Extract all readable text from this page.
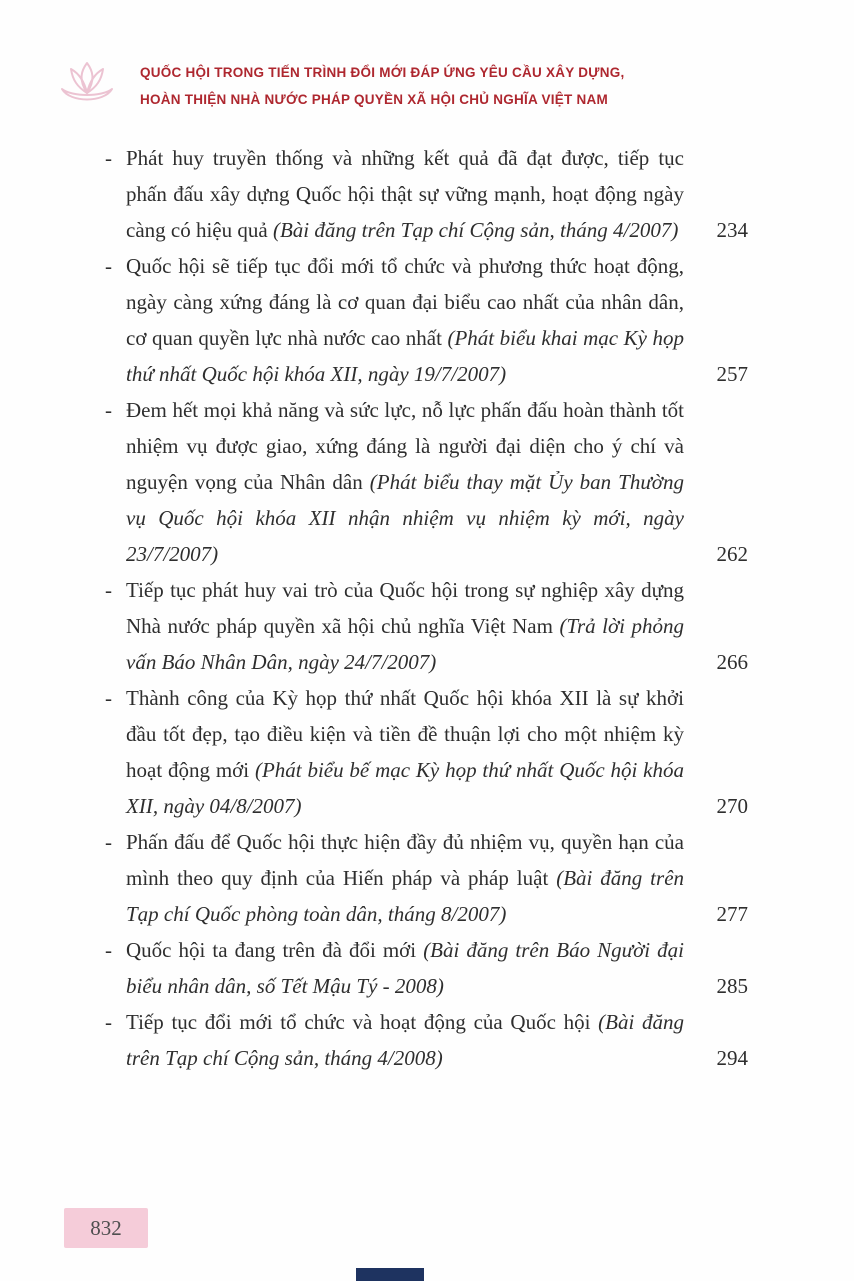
QUỐC HỘI TRONG TIẾN TRÌNH ĐỔI MỚI ĐÁP ỨNG YÊU CẦU XÂY DỰNG,
HOÀN THIỆN NHÀ NƯỚC PHÁP QUYỀN XÃ HỘI CHỦ NGHĨA VIỆT NAM
- Phát huy truyền thống và những kết quả đã đạt được, tiếp tục phấn đấu xây dựng Quốc hội thật sự vững mạnh, hoạt động ngày càng có hiệu quả (Bài đăng trên Tạp chí Cộng sản, tháng 4/2007) 234
- Quốc hội sẽ tiếp tục đổi mới tổ chức và phương thức hoạt động, ngày càng xứng đáng là cơ quan đại biểu cao nhất của nhân dân, cơ quan quyền lực nhà nước cao nhất (Phát biểu khai mạc Kỳ họp thứ nhất Quốc hội khóa XII, ngày 19/7/2007)	257
- Đem hết mọi khả năng và sức lực, nỗ lực phấn đấu hoàn thành tốt nhiệm vụ được giao, xứng đáng là người đại diện cho ý chí và nguyện vọng của Nhân dân (Phát biểu thay mặt Ủy ban Thường vụ Quốc hội khóa XII nhận nhiệm vụ nhiệm kỳ mới, ngày 23/7/2007)	262
- Tiếp tục phát huy vai trò của Quốc hội trong sự nghiệp xây dựng Nhà nước pháp quyền xã hội chủ nghĩa Việt Nam (Trả lời phỏng vấn Báo Nhân Dân, ngày 24/7/2007)	266
- Thành công của Kỳ họp thứ nhất Quốc hội khóa XII là sự khởi đầu tốt đẹp, tạo điều kiện và tiền đề thuận lợi cho một nhiệm kỳ hoạt động mới (Phát biểu bế mạc Kỳ họp thứ nhất Quốc hội khóa XII, ngày 04/8/2007)	270
- Phấn đấu để Quốc hội thực hiện đầy đủ nhiệm vụ, quyền hạn của mình theo quy định của Hiến pháp và pháp luật (Bài đăng trên Tạp chí Quốc phòng toàn dân, tháng 8/2007)	277
- Quốc hội ta đang trên đà đổi mới (Bài đăng trên Báo Người đại biểu nhân dân, số Tết Mậu Tý - 2008)	285
- Tiếp tục đổi mới tổ chức và hoạt động của Quốc hội (Bài đăng trên Tạp chí Cộng sản, tháng 4/2008)	294
832
